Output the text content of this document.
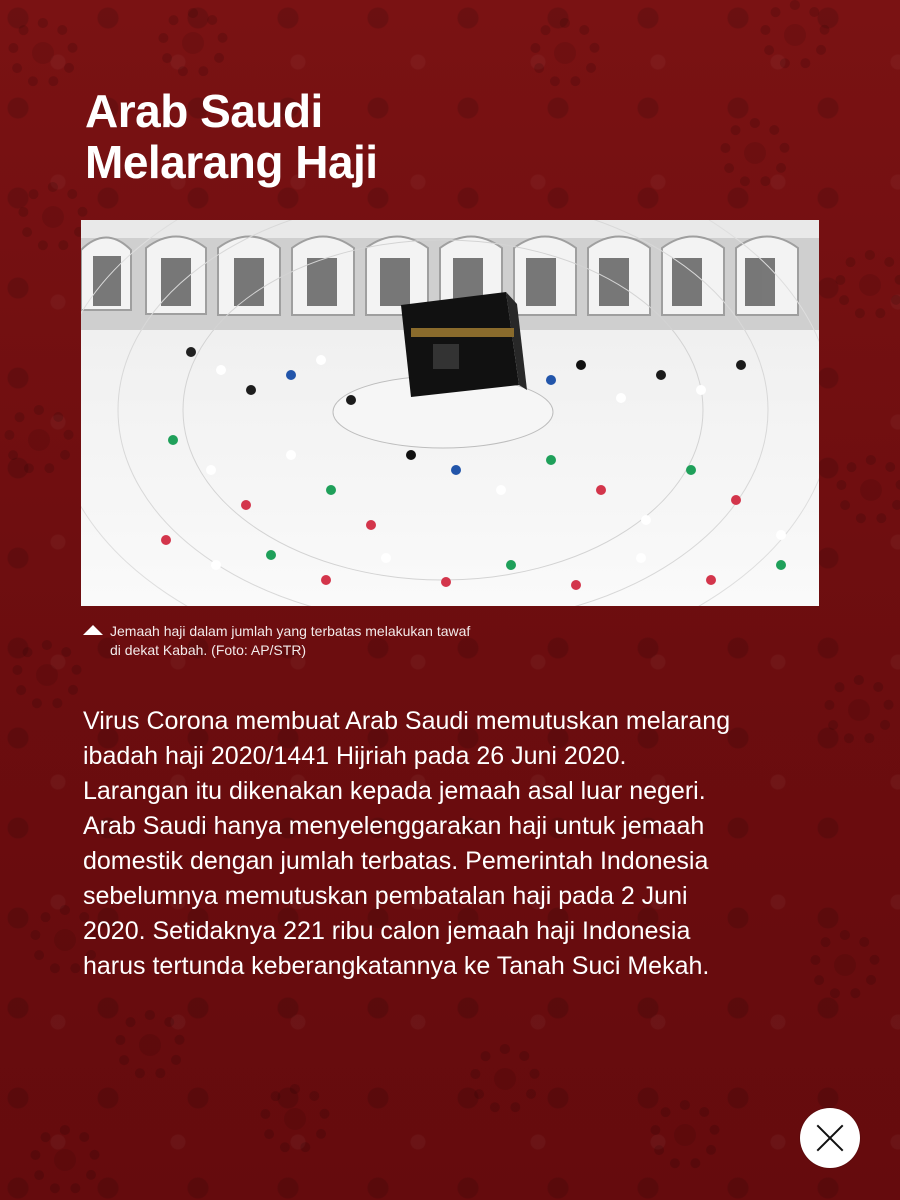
Arab Saudi
Melarang Haji
Jemaah haji dalam jumlah yang terbatas melakukan tawaf
di dekat Kabah. (Foto: AP/STR)

Virus Corona membuat Arab Saudi memutuskan melarang
ibadah haji 2020/1441 Hijriah pada 26 Juni 2020.
Larangan itu dikenakan kepada jemaah asal luar negeri.
Arab Saudi hanya menyelenggarakan haji untuk jemaah
domestik dengan jumlah terbatas. Pemerintah Indonesia
sebelumnya memutuskan pembatalan haji pada 2 Juni
2020. Setidaknya 221 ribu calon jemaah haji Indonesia
harus tertunda keberangkatannya ke Tanah Suci Mekah.
